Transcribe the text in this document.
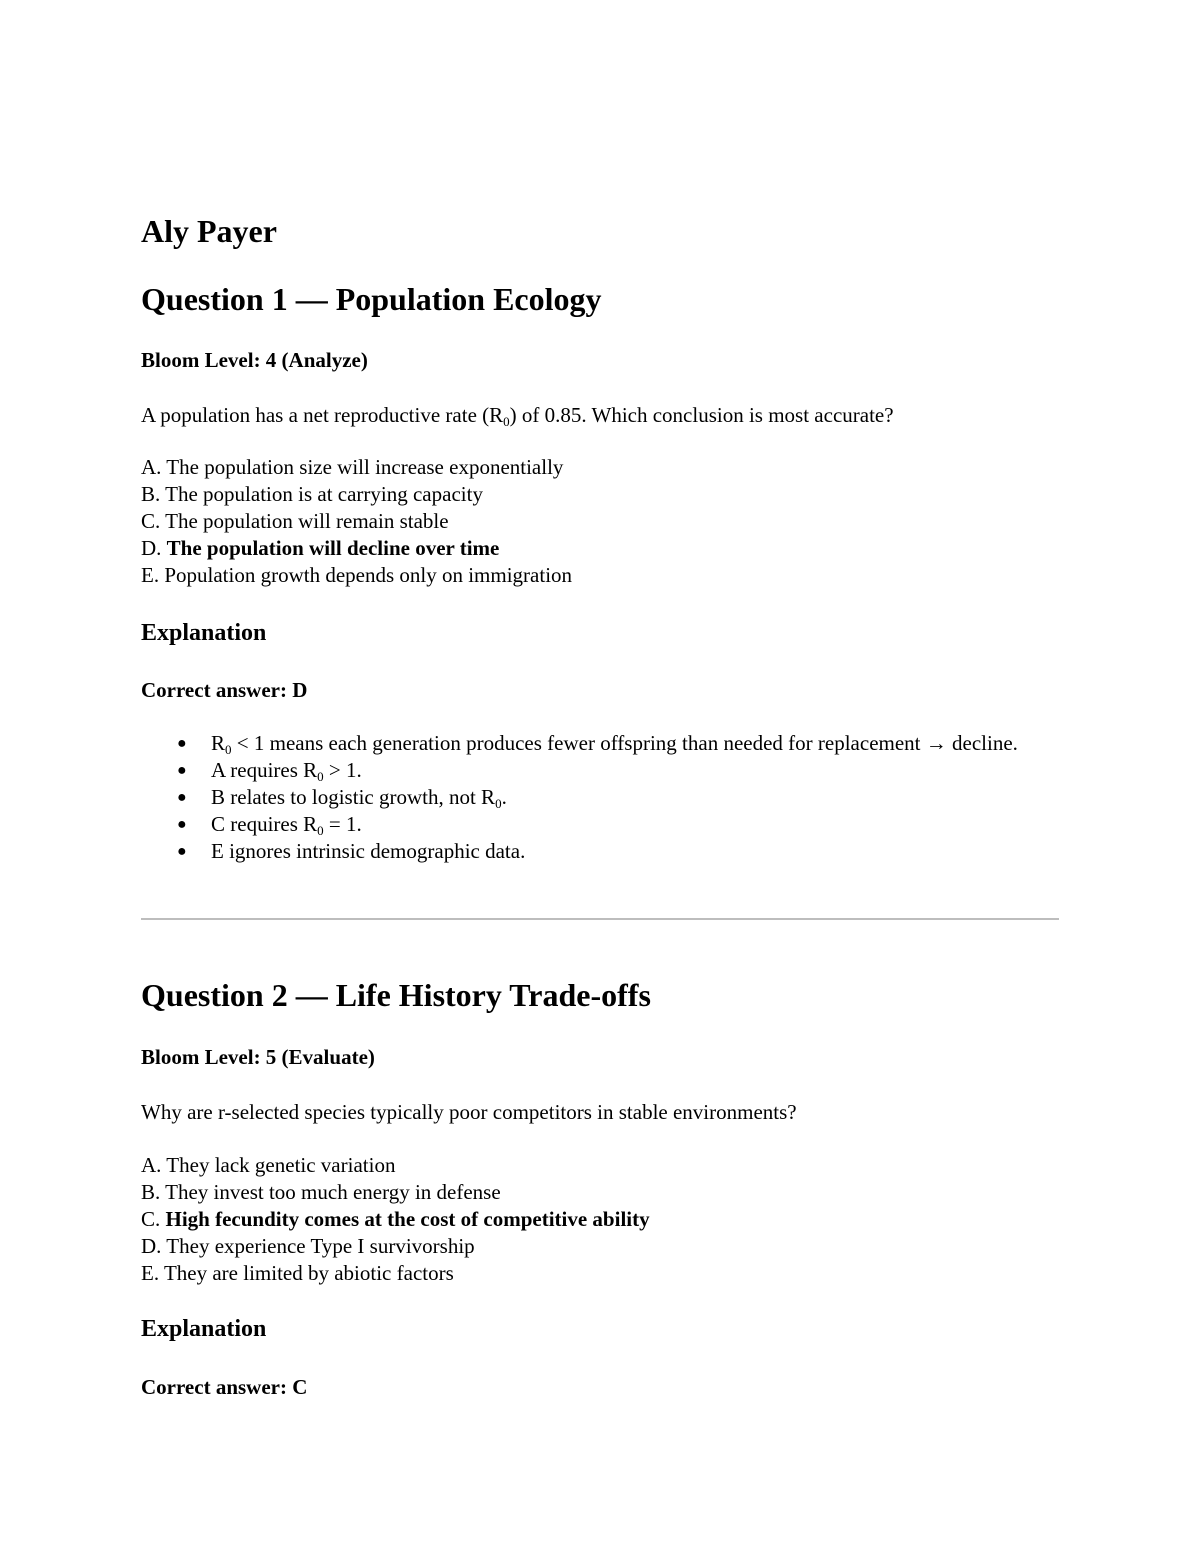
Aly Payer
Question 1 — Population Ecology

Bloom Level: 4 (Analyze)

A population has a net reproductive rate $(R_0)$ of 0.85. Which conclusion is most accurate?

A. The population size will increase exponentially
B. The population is at carrying capacity
C. The population will remain stable
D. The population will decline over time
E. Population growth depends only on immigration
Explanation

Correct answer: D

● $R_0 < 1$ means each generation produces fewer offspring than needed for replacement → decline.
● A requires $R_0 > 1$.
● B relates to logistic growth, not $R_0$.
● C requires $R_0 = 1$.
● E ignores intrinsic demographic data.
Question 2 — Life History Trade-offs

Bloom Level: 5 (Evaluate)

Why are r-selected species typically poor competitors in stable environments?

A. They lack genetic variation
B. They invest too much energy in defense
C. High fecundity comes at the cost of competitive ability
D. They experience Type I survivorship
E. They are limited by abiotic factors
Explanation

Correct answer: C
